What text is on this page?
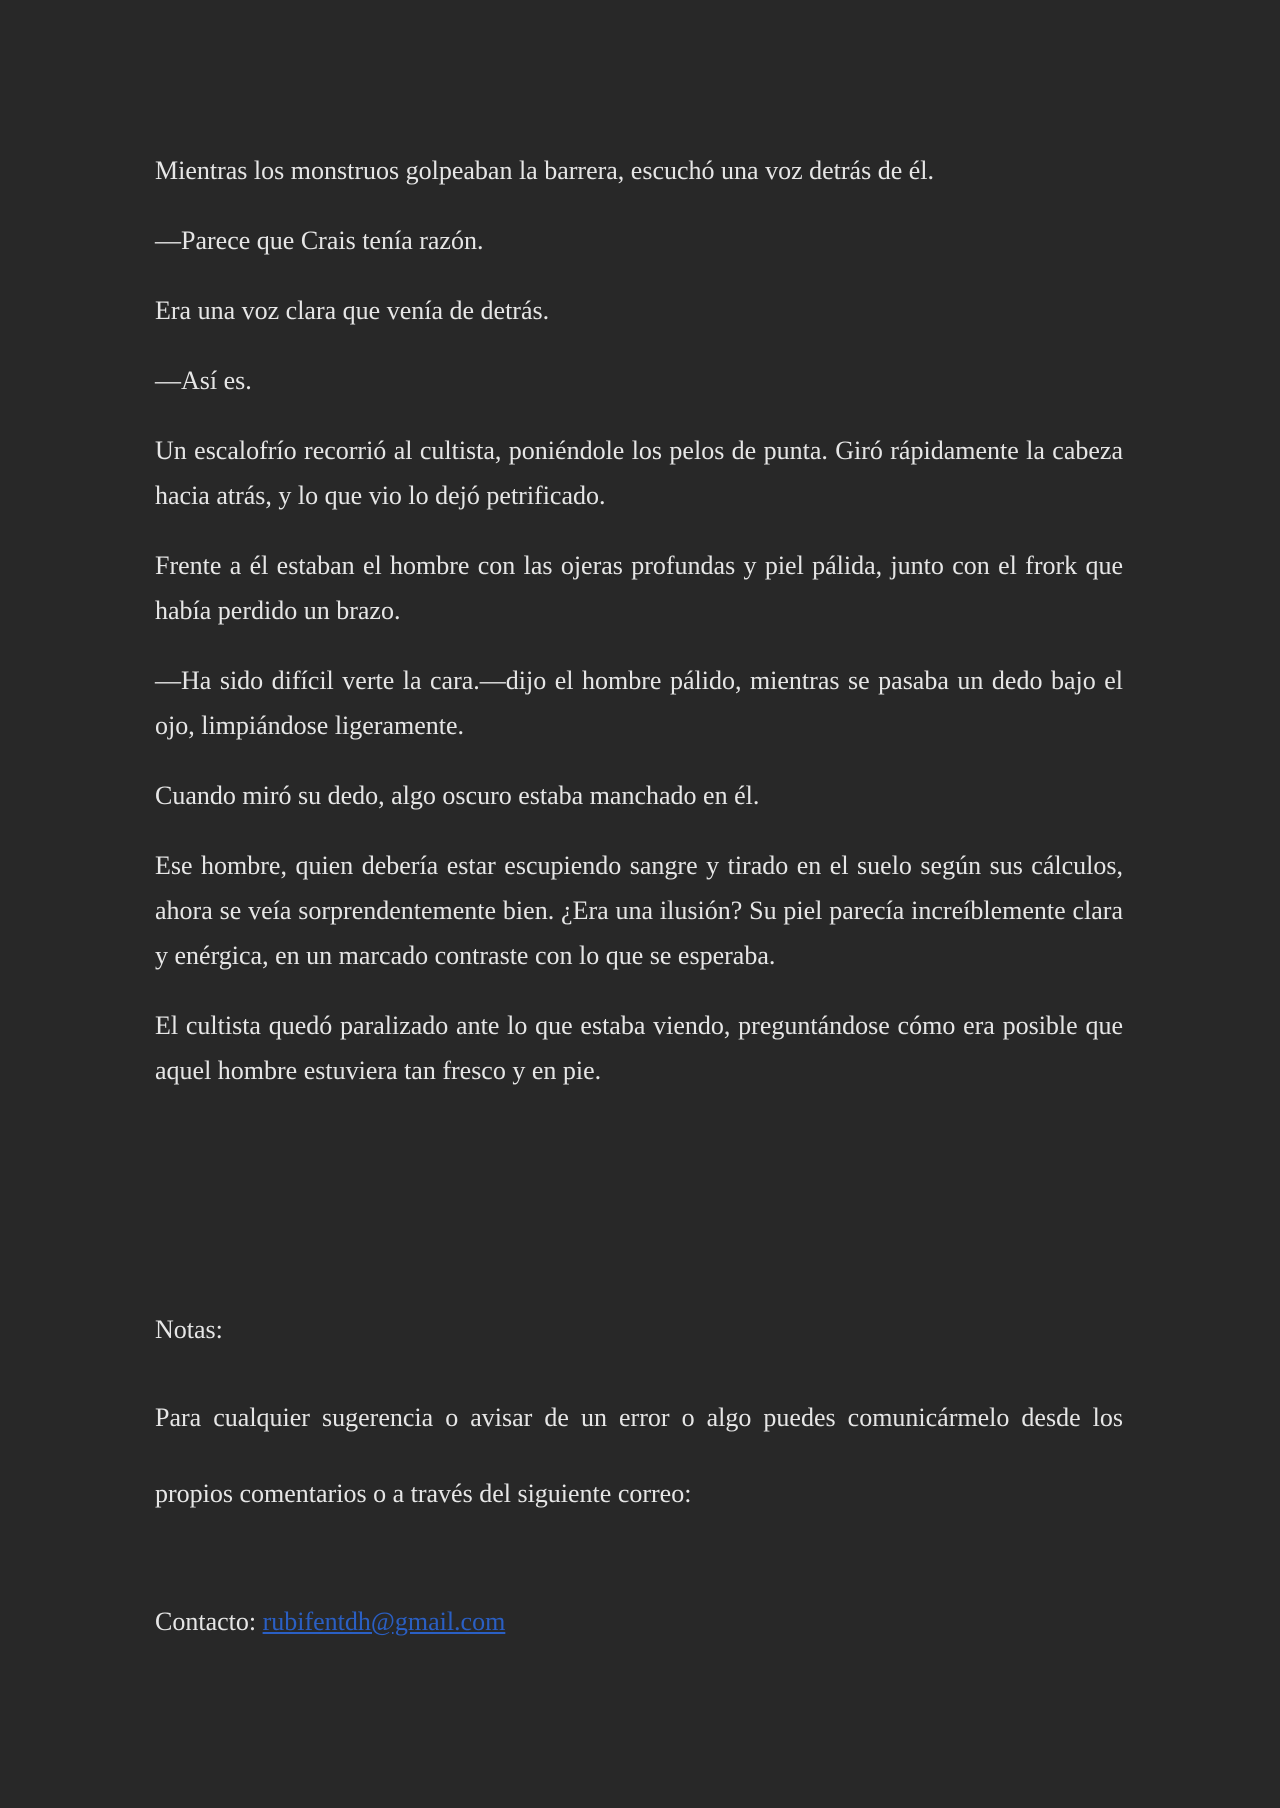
Mientras los monstruos golpeaban la barrera, escuchó una voz detrás de él.

—Parece que Crais tenía razón.

Era una voz clara que venía de detrás.

—Así es.

Un escalofrío recorrió al cultista, poniéndole los pelos de punta. Giró rápidamente la cabeza hacia atrás, y lo que vio lo dejó petrificado.

Frente a él estaban el hombre con las ojeras profundas y piel pálida, junto con el frork que había perdido un brazo.

—Ha sido difícil verte la cara.—dijo el hombre pálido, mientras se pasaba un dedo bajo el ojo, limpiándose ligeramente.

Cuando miró su dedo, algo oscuro estaba manchado en él.

Ese hombre, quien debería estar escupiendo sangre y tirado en el suelo según sus cálculos, ahora se veía sorprendentemente bien. ¿Era una ilusión? Su piel parecía increíblemente clara y enérgica, en un marcado contraste con lo que se esperaba.

El cultista quedó paralizado ante lo que estaba viendo, preguntándose cómo era posible que aquel hombre estuviera tan fresco y en pie.

Notas:

Para cualquier sugerencia o avisar de un error o algo puedes comunicármelo desde los propios comentarios o a través del siguiente correo:

Contacto: rubifentdh@gmail.com
